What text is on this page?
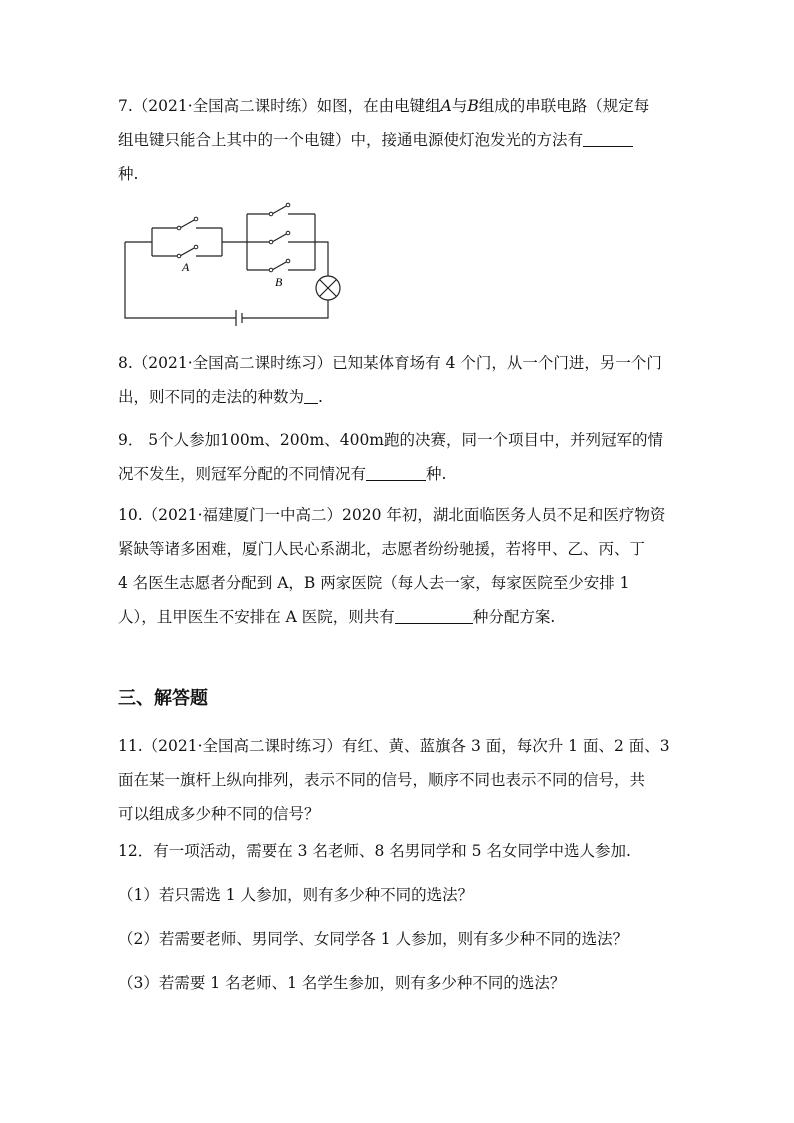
7.（2021·全国高二课时练）如图，在由电键组A与B组成的串联电路（规定每
组电键只能合上其中的一个电键）中，接通电源使灯泡发光的方法有
种.
A
B
8.（2021·全国高二课时练习）已知某体育场有 4 个门，从一个门进，另一个门
出，则不同的走法的种数为 .
9． 5个人参加100m、200m、400m跑的决赛，同一个项目中，并列冠军的情
况不发生，则冠军分配的不同情况有	种.
10.（2021·福建厦门一中高二）2020 年初，湖北面临医务人员不足和医疗物资
紧缺等诸多困难，厦门人民心系湖北，志愿者纷纷驰援，若将甲、乙、丙、丁
4 名医生志愿者分配到 A，B 两家医院（每人去一家，每家医院至少安排 1
人），且甲医生不安排在 A 医院，则共有	种分配方案.
三、解答题
11.（2021·全国高二课时练习）有红、黄、蓝旗各 3 面，每次升 1 面、2 面、3
面在某一旗杆上纵向排列，表示不同的信号，顺序不同也表示不同的信号，共
可以组成多少种不同的信号？
12．有一项活动，需要在 3 名老师、8 名男同学和 5 名女同学中选人参加.
（1）若只需选 1 人参加，则有多少种不同的选法？
（2）若需要老师、男同学、女同学各 1 人参加，则有多少种不同的选法？
（3）若需要 1 名老师、1 名学生参加，则有多少种不同的选法？
